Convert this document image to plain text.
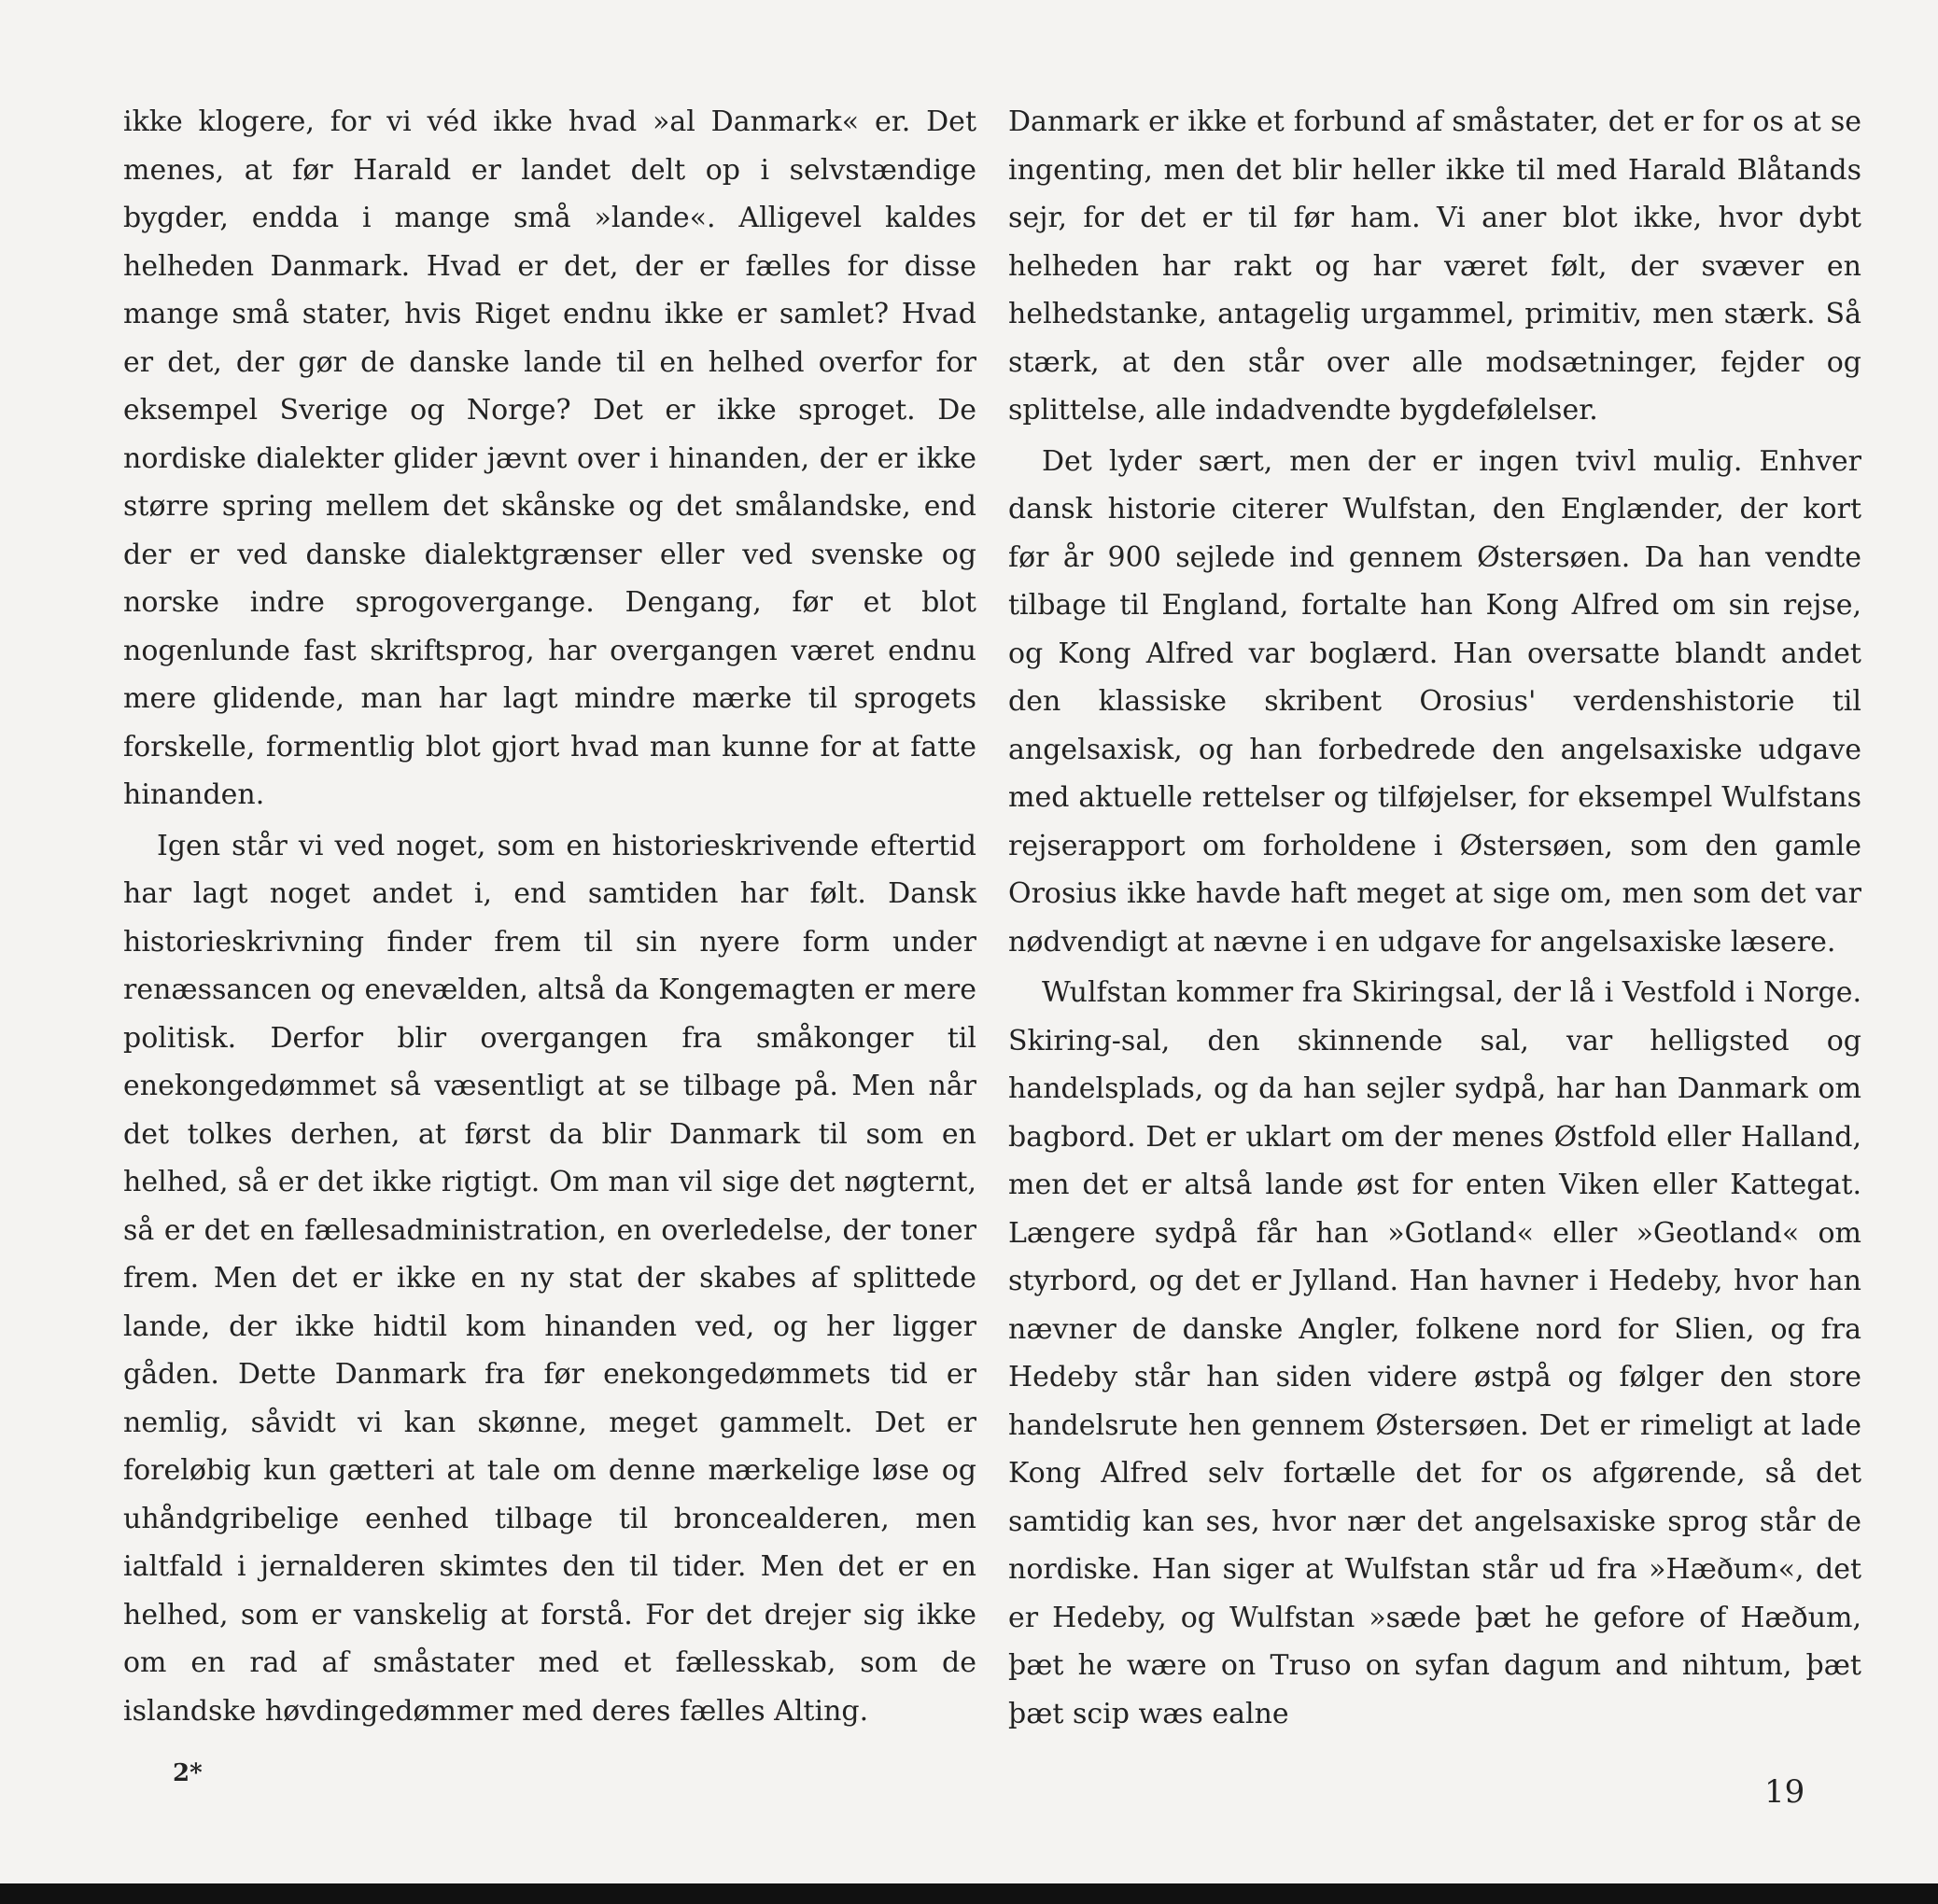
ikke klogere, for vi véd ikke hvad »al Danmark« er. Det menes, at før Harald er landet delt op i selvstændige bygder, endda i mange små »lande«. Alligevel kaldes helheden Danmark. Hvad er det, der er fælles for disse mange små stater, hvis Riget endnu ikke er samlet? Hvad er det, der gør de danske lande til en helhed overfor for eksempel Sverige og Norge? Det er ikke sproget. De nordiske dialekter glider jævnt over i hinanden, der er ikke større spring mellem det skånske og det smålandske, end der er ved danske dialektgrænser eller ved svenske og norske indre sprogovergange. Dengang, før et blot nogenlunde fast skriftsprog, har overgangen været endnu mere glidende, man har lagt mindre mærke til sprogets forskelle, formentlig blot gjort hvad man kunne for at fatte hinanden.

Igen står vi ved noget, som en historieskrivende eftertid har lagt noget andet i, end samtiden har følt. Dansk historieskrivning finder frem til sin nyere form under renæssancen og enevælden, altså da Kongemagten er mere politisk. Derfor blir overgangen fra småkonger til enekongedømmet så væsentligt at se tilbage på. Men når det tolkes derhen, at først da blir Danmark til som en helhed, så er det ikke rigtigt. Om man vil sige det nøgternt, så er det en fællesadministration, en overledelse, der toner frem. Men det er ikke en ny stat der skabes af splittede lande, der ikke hidtil kom hinanden ved, og her ligger gåden. Dette Danmark fra før enekongedømmets tid er nemlig, såvidt vi kan skønne, meget gammelt. Det er foreløbig kun gætteri at tale om denne mærkelige løse og uhåndgribelige eenhed tilbage til broncealderen, men ialtfald i jernalderen skimtes den til tider. Men det er en helhed, som er vanskelig at forstå. For det drejer sig ikke om en rad af småstater med et fællesskab, som de islandske høvdingedømmer med deres fælles Alting.

Danmark er ikke et forbund af småstater, det er for os at se ingenting, men det blir heller ikke til med Harald Blåtands sejr, for det er til før ham. Vi aner blot ikke, hvor dybt helheden har rakt og har været følt, der svæver en helhedstanke, antagelig urgammel, primitiv, men stærk. Så stærk, at den står over alle modsætninger, fejder og splittelse, alle indadvendte bygdefølelser.

Det lyder sært, men der er ingen tvivl mulig. Enhver dansk historie citerer Wulfstan, den Englænder, der kort før år 900 sejlede ind gennem Østersøen. Da han vendte tilbage til England, fortalte han Kong Alfred om sin rejse, og Kong Alfred var boglærd. Han oversatte blandt andet den klassiske skribent Orosius' verdenshistorie til angelsaxisk, og han forbedrede den angelsaxiske udgave med aktuelle rettelser og tilføjelser, for eksempel Wulfstans rejserapport om forholdene i Østersøen, som den gamle Orosius ikke havde haft meget at sige om, men som det var nødvendigt at nævne i en udgave for angelsaxiske læsere.

Wulfstan kommer fra Skiringsal, der lå i Vestfold i Norge. Skiring-sal, den skinnende sal, var helligsted og handelsplads, og da han sejler sydpå, har han Danmark om bagbord. Det er uklart om der menes Østfold eller Halland, men det er altså lande øst for enten Viken eller Kattegat. Længere sydpå får han »Gotland« eller »Geotland« om styrbord, og det er Jylland. Han havner i Hedeby, hvor han nævner de danske Angler, folkene nord for Slien, og fra Hedeby står han siden videre østpå og følger den store handelsrute hen gennem Østersøen. Det er rimeligt at lade Kong Alfred selv fortælle det for os afgørende, så det samtidig kan ses, hvor nær det angelsaxiske sprog står de nordiske. Han siger at Wulfstan står ud fra »Hæðum«, det er Hedeby, og Wulfstan »sæde þæt he gefore of Hæðum, þæt he wære on Truso on syfan dagum and nihtum, þæt þæt scip wæs ealne

2*	19
